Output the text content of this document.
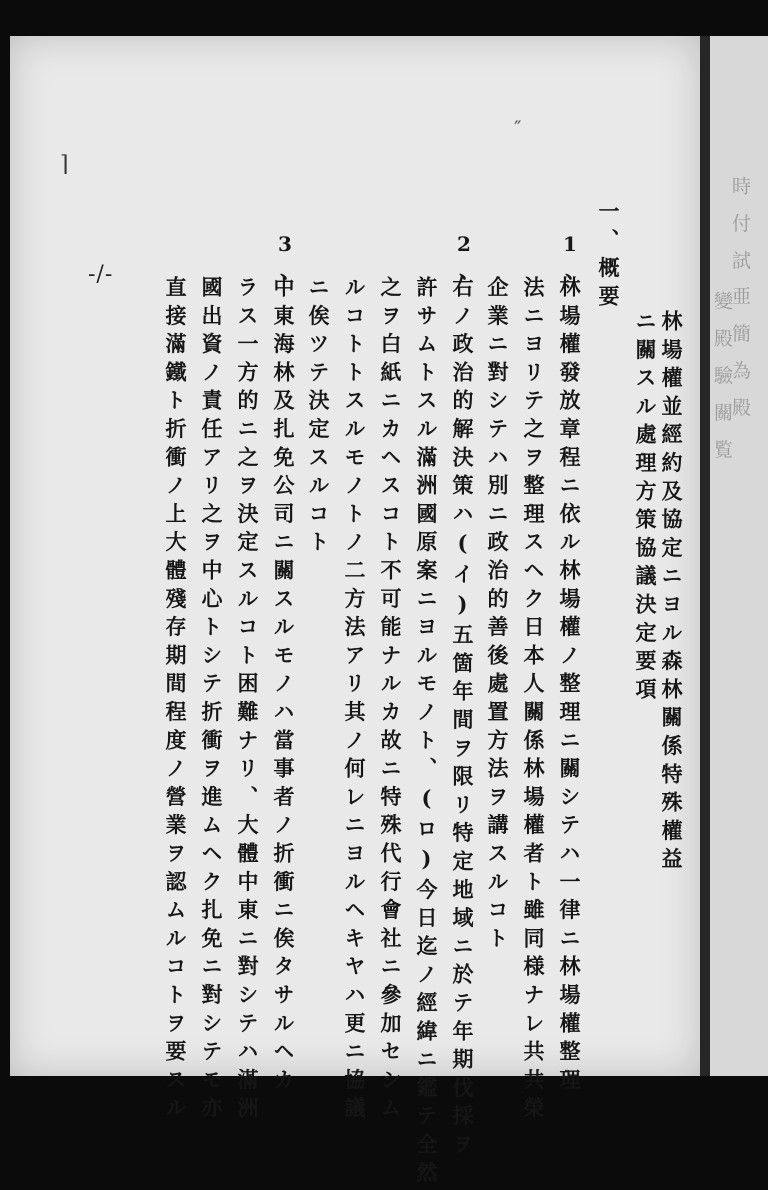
⌉
″
-/-
林場權並經約及協定ニヨル森林關係特殊權益
ニ關スル處理方策協議決定要項
一、概要
1
、
林場權發放章程ニ依ル林場權ノ整理ニ關シテハ一律ニ林場權整理
法ニヨリテ之ヲ整理スヘク日本人關係林場權者ト雖同様ナレ共共榮
企業ニ對シテハ別ニ政治的善後處置方法ヲ講スルコト
2
、
右ノ政治的解決策ハ(イ)五箇年間ヲ限リ特定地域ニ於テ年期伐採ヲ
許サムトスル滿洲國原案ニヨルモノト、(ロ)今日迄ノ經緯ニ鑑テ全然
之ヲ白紙ニカヘスコト不可能ナルカ故ニ特殊代行會社ニ參加セシム
ルコトトスルモノトノ二方法アリ其ノ何レニヨルヘキヤハ更ニ協議
ニ俟ツテ決定スルコト
3
、
中東海林及扎免公司ニ關スルモノハ當事者ノ折衝ニ俟タサルヘカ
ラス一方的ニ之ヲ決定スルコト困難ナリ、大體中東ニ對シテハ滿洲
國出資ノ責任アリ之ヲ中心トシテ折衝ヲ進ムヘク扎免ニ對シテモ亦
直接滿鐵ト折衝ノ上大體殘存期間程度ノ營業ヲ認ムルコトヲ要スル
時 付 試
亜 簡 為 殿
變 殿 驗 關 覧
